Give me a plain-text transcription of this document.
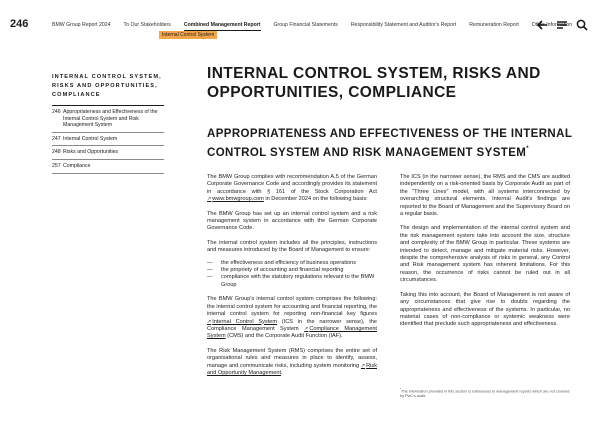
246	BMW Group Report 2024	To Our Stakeholders	Combined Management Report	Group Financial Statements	Responsibility Statement and Auditor's Report	Remuneration Report	Other Information
Internal Control System
INTERNAL CONTROL SYSTEM, RISKS AND OPPORTUNITIES, COMPLIANCE
246 Appropriateness and Effectiveness of the Internal Control System and Risk Management System
247 Internal Control System
248 Risks and Opportunities
257 Compliance
INTERNAL CONTROL SYSTEM, RISKS AND OPPORTUNITIES, COMPLIANCE
APPROPRIATENESS AND EFFECTIVENESS OF THE INTERNAL CONTROL SYSTEM AND RISK MANAGEMENT SYSTEM*

The BMW Group complies with recommendation A.5 of the German Corporate Governance Code and accordingly provides its statement in accordance with § 161 of the Stock Corporation Act ↗www.bmwgroup.com in December 2024 on the following basis:

The BMW Group has set up an internal control system and a risk management system in accordance with the German Corporate Governance Code.

The internal control system includes all the principles, instructions and measures introduced by the Board of Management to ensure:

—	the effectiveness and efficiency of business operations
—	the propriety of accounting and financial reporting
—	compliance with the statutory regulations relevant to the BMW Group

The BMW Group's internal control system comprises the following: the internal control system for accounting and financial reporting, the internal control system for reporting non-financial key figures ↗Internal Control System (ICS in the narrower sense), the Compliance Management System ↗Compliance Management System (CMS) and the Corporate Audit Function (IAF).

The Risk Management System (RMS) comprises the entire set of organisational rules and measures in place to identify, assess, manage and communicate risks, including system monitoring ↗Risk and Opportunity Management.

The ICS (in the narrower sense), the RMS and the CMS are audited independently on a risk-oriented basis by Corporate Audit as part of the "Three Lines" model, with all systems interconnected by overarching structural elements. Internal Audit's findings are reported to the Board of Management and the Supervisory Board on a regular basis.

The design and implementation of the internal control system and the risk management system take into account the size, structure and complexity of the BMW Group in particular. These systems are intended to detect, manage and mitigate material risks. However, despite the comprehensive analysis of risks in general, any Control and Risk management system has inherent limitations. For this reason, the occurrence of risks cannot be ruled out in all circumstances.

Taking this into account, the Board of Management is not aware of any circumstances that give rise to doubts regarding the appropriateness and effectiveness of the systems. In particular, no material cases of non-compliance or systemic weakness were identified that preclude such appropriateness and effectiveness.

*The information provided in this section is extraneous to management reports which are not covered by PwC's audit.
